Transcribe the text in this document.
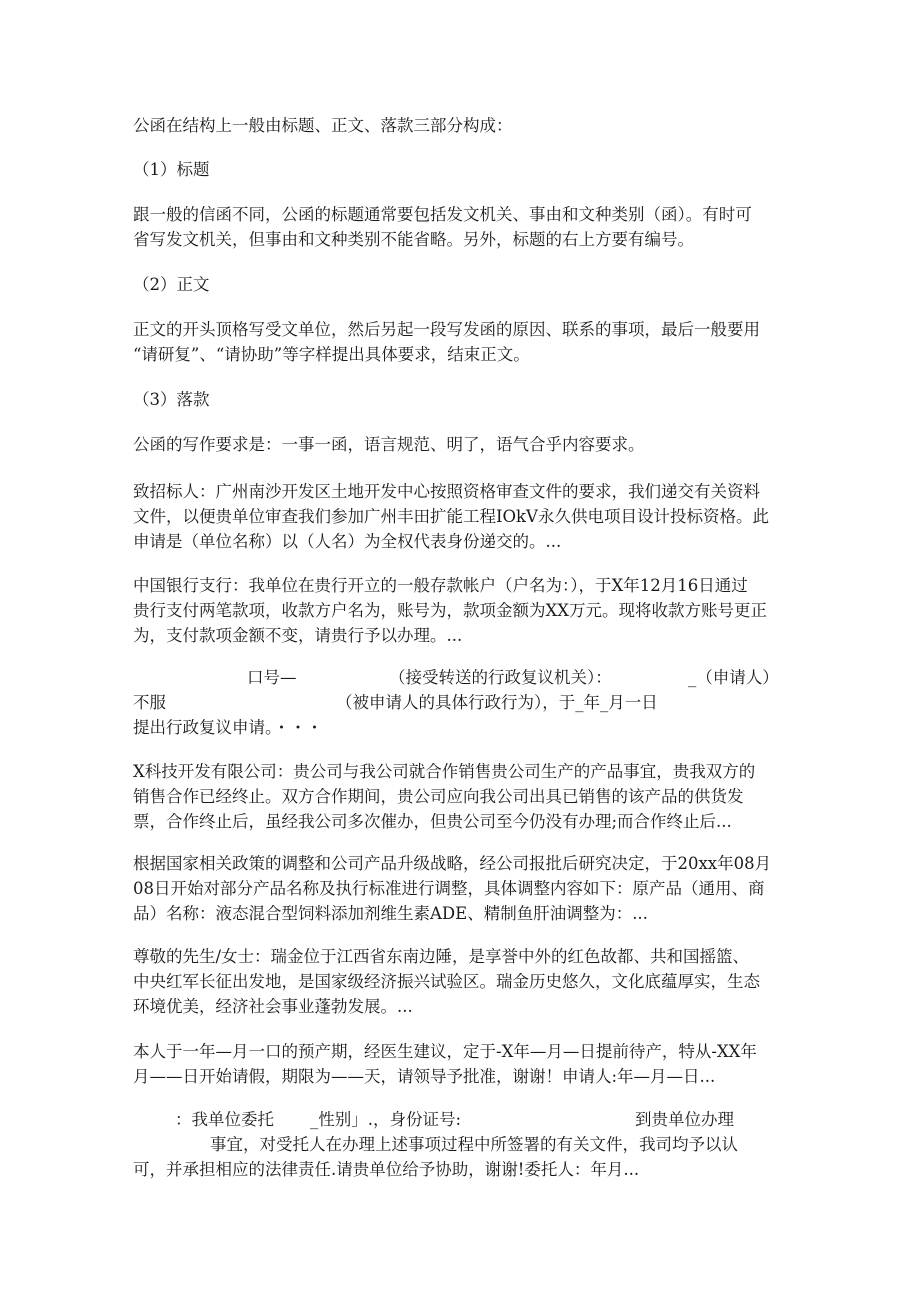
公函在结构上一般由标题、正文、落款三部分构成：
（1）标题
跟一般的信函不同，公函的标题通常要包括发文机关、事由和文种类别（函）。有时可
省写发文机关，但事由和文种类别不能省略。另外，标题的右上方要有编号。
（2）正文
正文的开头顶格写受文单位，然后另起一段写发函的原因、联系的事项，最后一般要用
“请研复”、“请协助”等字样提出具体要求，结束正文。
（3）落款
公函的写作要求是：一事一函，语言规范、明了，语气合乎内容要求。
致招标人：广州南沙开发区土地开发中心按照资格审查文件的要求，我们递交有关资料
文件，以便贵单位审查我们参加广州丰田扩能工程IOkV永久供电项目设计投标资格。此
申请是（单位名称）以（人名）为全权代表身份递交的。...
中国银行支行：我单位在贵行开立的一般存款帐户（户名为：），于X年12月16日通过
贵行支付两笔款项，收款方户名为，账号为，款项金额为XX万元。现将收款方账号更正
为，支付款项金额不变，请贵行予以办理。...
口号—	（接受转送的行政复议机关）：	_（申请人）
不服	（被申请人的具体行政行为），于_年_月一日
提出行政复议申请。・・・
X科技开发有限公司：贵公司与我公司就合作销售贵公司生产的产品事宜，贵我双方的
销售合作已经终止。双方合作期间，贵公司应向我公司出具已销售的该产品的供货发
票，合作终止后，虽经我公司多次催办，但贵公司至今仍没有办理;而合作终止后...
根据国家相关政策的调整和公司产品升级战略，经公司报批后研究决定，于20xx年08月
08日开始对部分产品名称及执行标准进行调整，具体调整内容如下：原产品（通用、商
品）名称：液态混合型饲料添加剂维生素ADE、精制鱼肝油调整为：...
尊敬的先生/女士：瑞金位于江西省东南边陲，是享誉中外的红色故都、共和国摇篮、
中央红军长征出发地，是国家级经济振兴试验区。瑞金历史悠久，文化底蕴厚实，生态
环境优美，经济社会事业蓬勃发展。...
本人于一年—月一口的预产期，经医生建议，定于-X年—月—日提前待产，特从-XX年
月——日开始请假，期限为——天，请领导予批准，谢谢！申请人:年—月—日...
：我单位委托 _性别」.，身份证号:	到贵单位办理
事宜，对受托人在办理上述事项过程中所签署的有关文件，我司均予以认
可，并承担相应的法律责任.请贵单位给予协助，谢谢!委托人：年月...
